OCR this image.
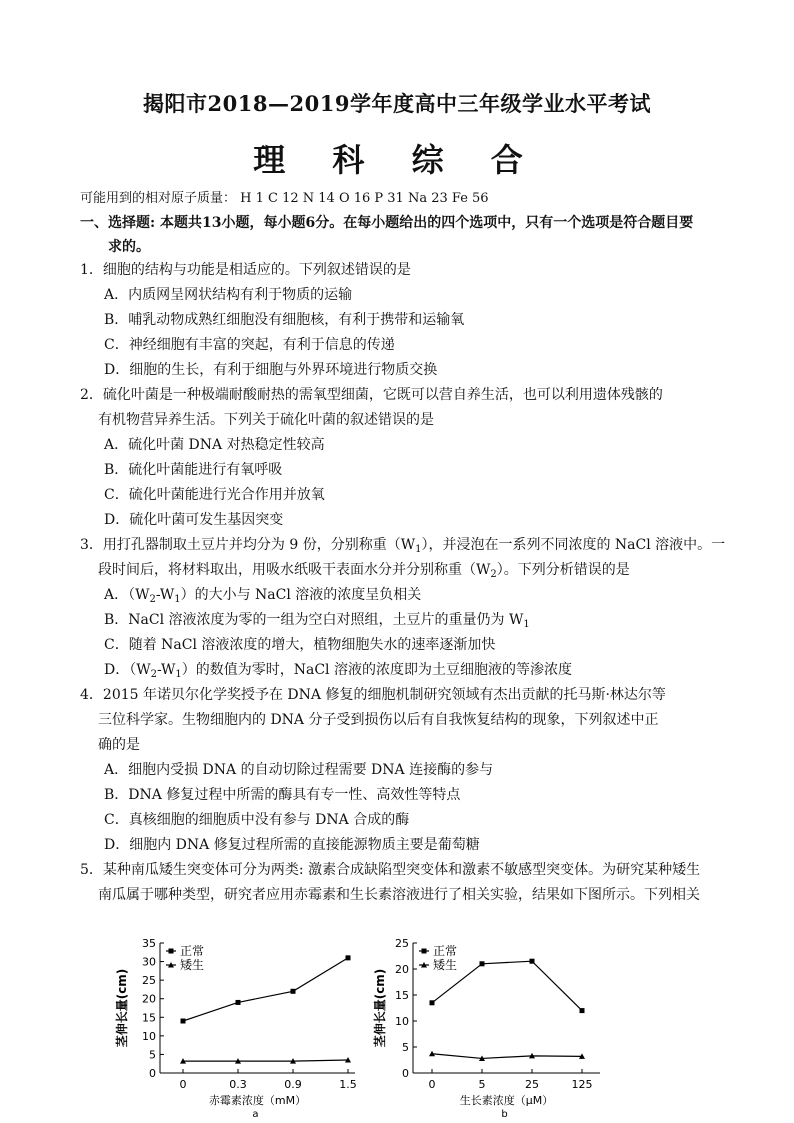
揭阳市2018—2019学年度高中三年级学业水平考试
理 科 综 合
可能用到的相对原子质量： H 1 C 12 N 14 O 16 P 31 Na 23 Fe 56
一、选择题: 本题共13小题，每小题6分。在每小题给出的四个选项中，只有一个选项是符合题目要
求的。
1．细胞的结构与功能是相适应的。下列叙述错误的是
A．内质网呈网状结构有利于物质的运输
B．哺乳动物成熟红细胞没有细胞核，有利于携带和运输氧
C．神经细胞有丰富的突起，有利于信息的传递
D．细胞的生长，有利于细胞与外界环境进行物质交换
2．硫化叶菌是一种极端耐酸耐热的需氧型细菌，它既可以营自养生活，也可以利用遗体残骸的
有机物营异养生活。下列关于硫化叶菌的叙述错误的是
A．硫化叶菌 DNA 对热稳定性较高
B．硫化叶菌能进行有氧呼吸
C．硫化叶菌能进行光合作用并放氧
D．硫化叶菌可发生基因突变
3．用打孔器制取土豆片并均分为 9 份，分别称重$(W_1)$，并浸泡在一系列不同浓度的 NaCl 溶液中。一
段时间后，将材料取出，用吸水纸吸干表面水分并分别称重$(W_2)$。下列分析错误的是
A．$(W_2-W_1)$的大小与 NaCl 溶液的浓度呈负相关
B．NaCl 溶液浓度为零的一组为空白对照组，土豆片的重量仍为 $W_1$
C．随着 NaCl 溶液浓度的增大，植物细胞失水的速率逐渐加快
D．$(W_2-W_1)$的数值为零时，NaCl 溶液的浓度即为土豆细胞液的等渗浓度
4．2015 年诺贝尔化学奖授予在 DNA 修复的细胞机制研究领域有杰出贡献的托马斯·林达尔等
三位科学家。生物细胞内的 DNA 分子受到损伤以后有自我恢复结构的现象，下列叙述中正
确的是
A．细胞内受损 DNA 的自动切除过程需要 DNA 连接酶的参与
B．DNA 修复过程中所需的酶具有专一性、高效性等特点
C．真核细胞的细胞质中没有参与 DNA 合成的酶
D．细胞内 DNA 修复过程所需的直接能源物质主要是葡萄糖
5．某种南瓜矮生突变体可分为两类: 激素合成缺陷型突变体和激素不敏感型突变体。为研究某种矮生
南瓜属于哪种类型，研究者应用赤霉素和生长素溶液进行了相关实验，结果如下图所示。下列相关
0
5
10
15
20
25
30
35
0	0.3	0.9	1.5
正常
矮生
茎伸长量(cm)
赤霉素浓度（mM）
a
0
5
10
15
20
25
0	5	25	125
正常
矮生
茎伸长量(cm)
生长素浓度（μM）
b
